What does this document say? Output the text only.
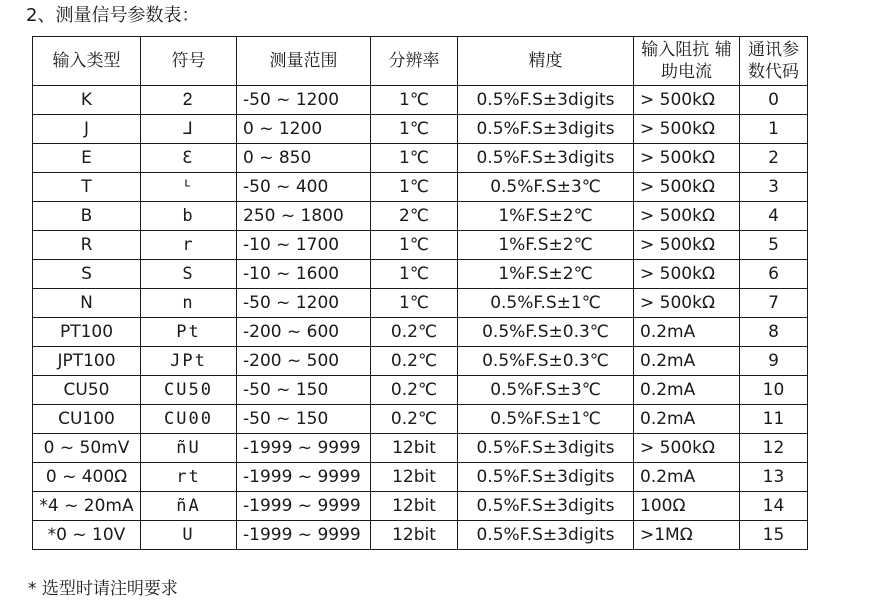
2、测量信号参数表：
输入类型	符号	测量范围	分辨率	精度	输入阻抗 辅助电流	通讯参 数代码
K	ᒿ	-50 ~ 1200	1℃	0.5%F.S±3digits	> 500kΩ	0
J	ᒧ	0 ~ 1200	1℃	0.5%F.S±3digits	> 500kΩ	1
E	Ɛ	0 ~ 850	1℃	0.5%F.S±3digits	> 500kΩ	2
T	ᒻ	-50 ~ 400	1℃	0.5%F.S±3℃	> 500kΩ	3
B	b	250 ~ 1800	2℃	1%F.S±2℃	> 500kΩ	4
R	r	-10 ~ 1700	1℃	1%F.S±2℃	> 500kΩ	5
S	S	-10 ~ 1600	1℃	1%F.S±2℃	> 500kΩ	6
N	n	-50 ~ 1200	1℃	0.5%F.S±1℃	> 500kΩ	7
PT100	Pt	-200 ~ 600	0.2℃	0.5%F.S±0.3℃	0.2mA	8
JPT100	JPt	-200 ~ 500	0.2℃	0.5%F.S±0.3℃	0.2mA	9
CU50	CU50	-50 ~ 150	0.2℃	0.5%F.S±3℃	0.2mA	10
CU100	CU00	-50 ~ 150	0.2℃	0.5%F.S±1℃	0.2mA	11
0 ~ 50mV	ñU	-1999 ~ 9999	12bit	0.5%F.S±3digits	> 500kΩ	12
0 ~ 400Ω	rt	-1999 ~ 9999	12bit	0.5%F.S±3digits	0.2mA	13
*4 ~ 20mA	ñA	-1999 ~ 9999	12bit	0.5%F.S±3digits	100Ω	14
*0 ~ 10V	U	-1999 ~ 9999	12bit	0.5%F.S±3digits	>1MΩ	15
* 选型时请注明要求
